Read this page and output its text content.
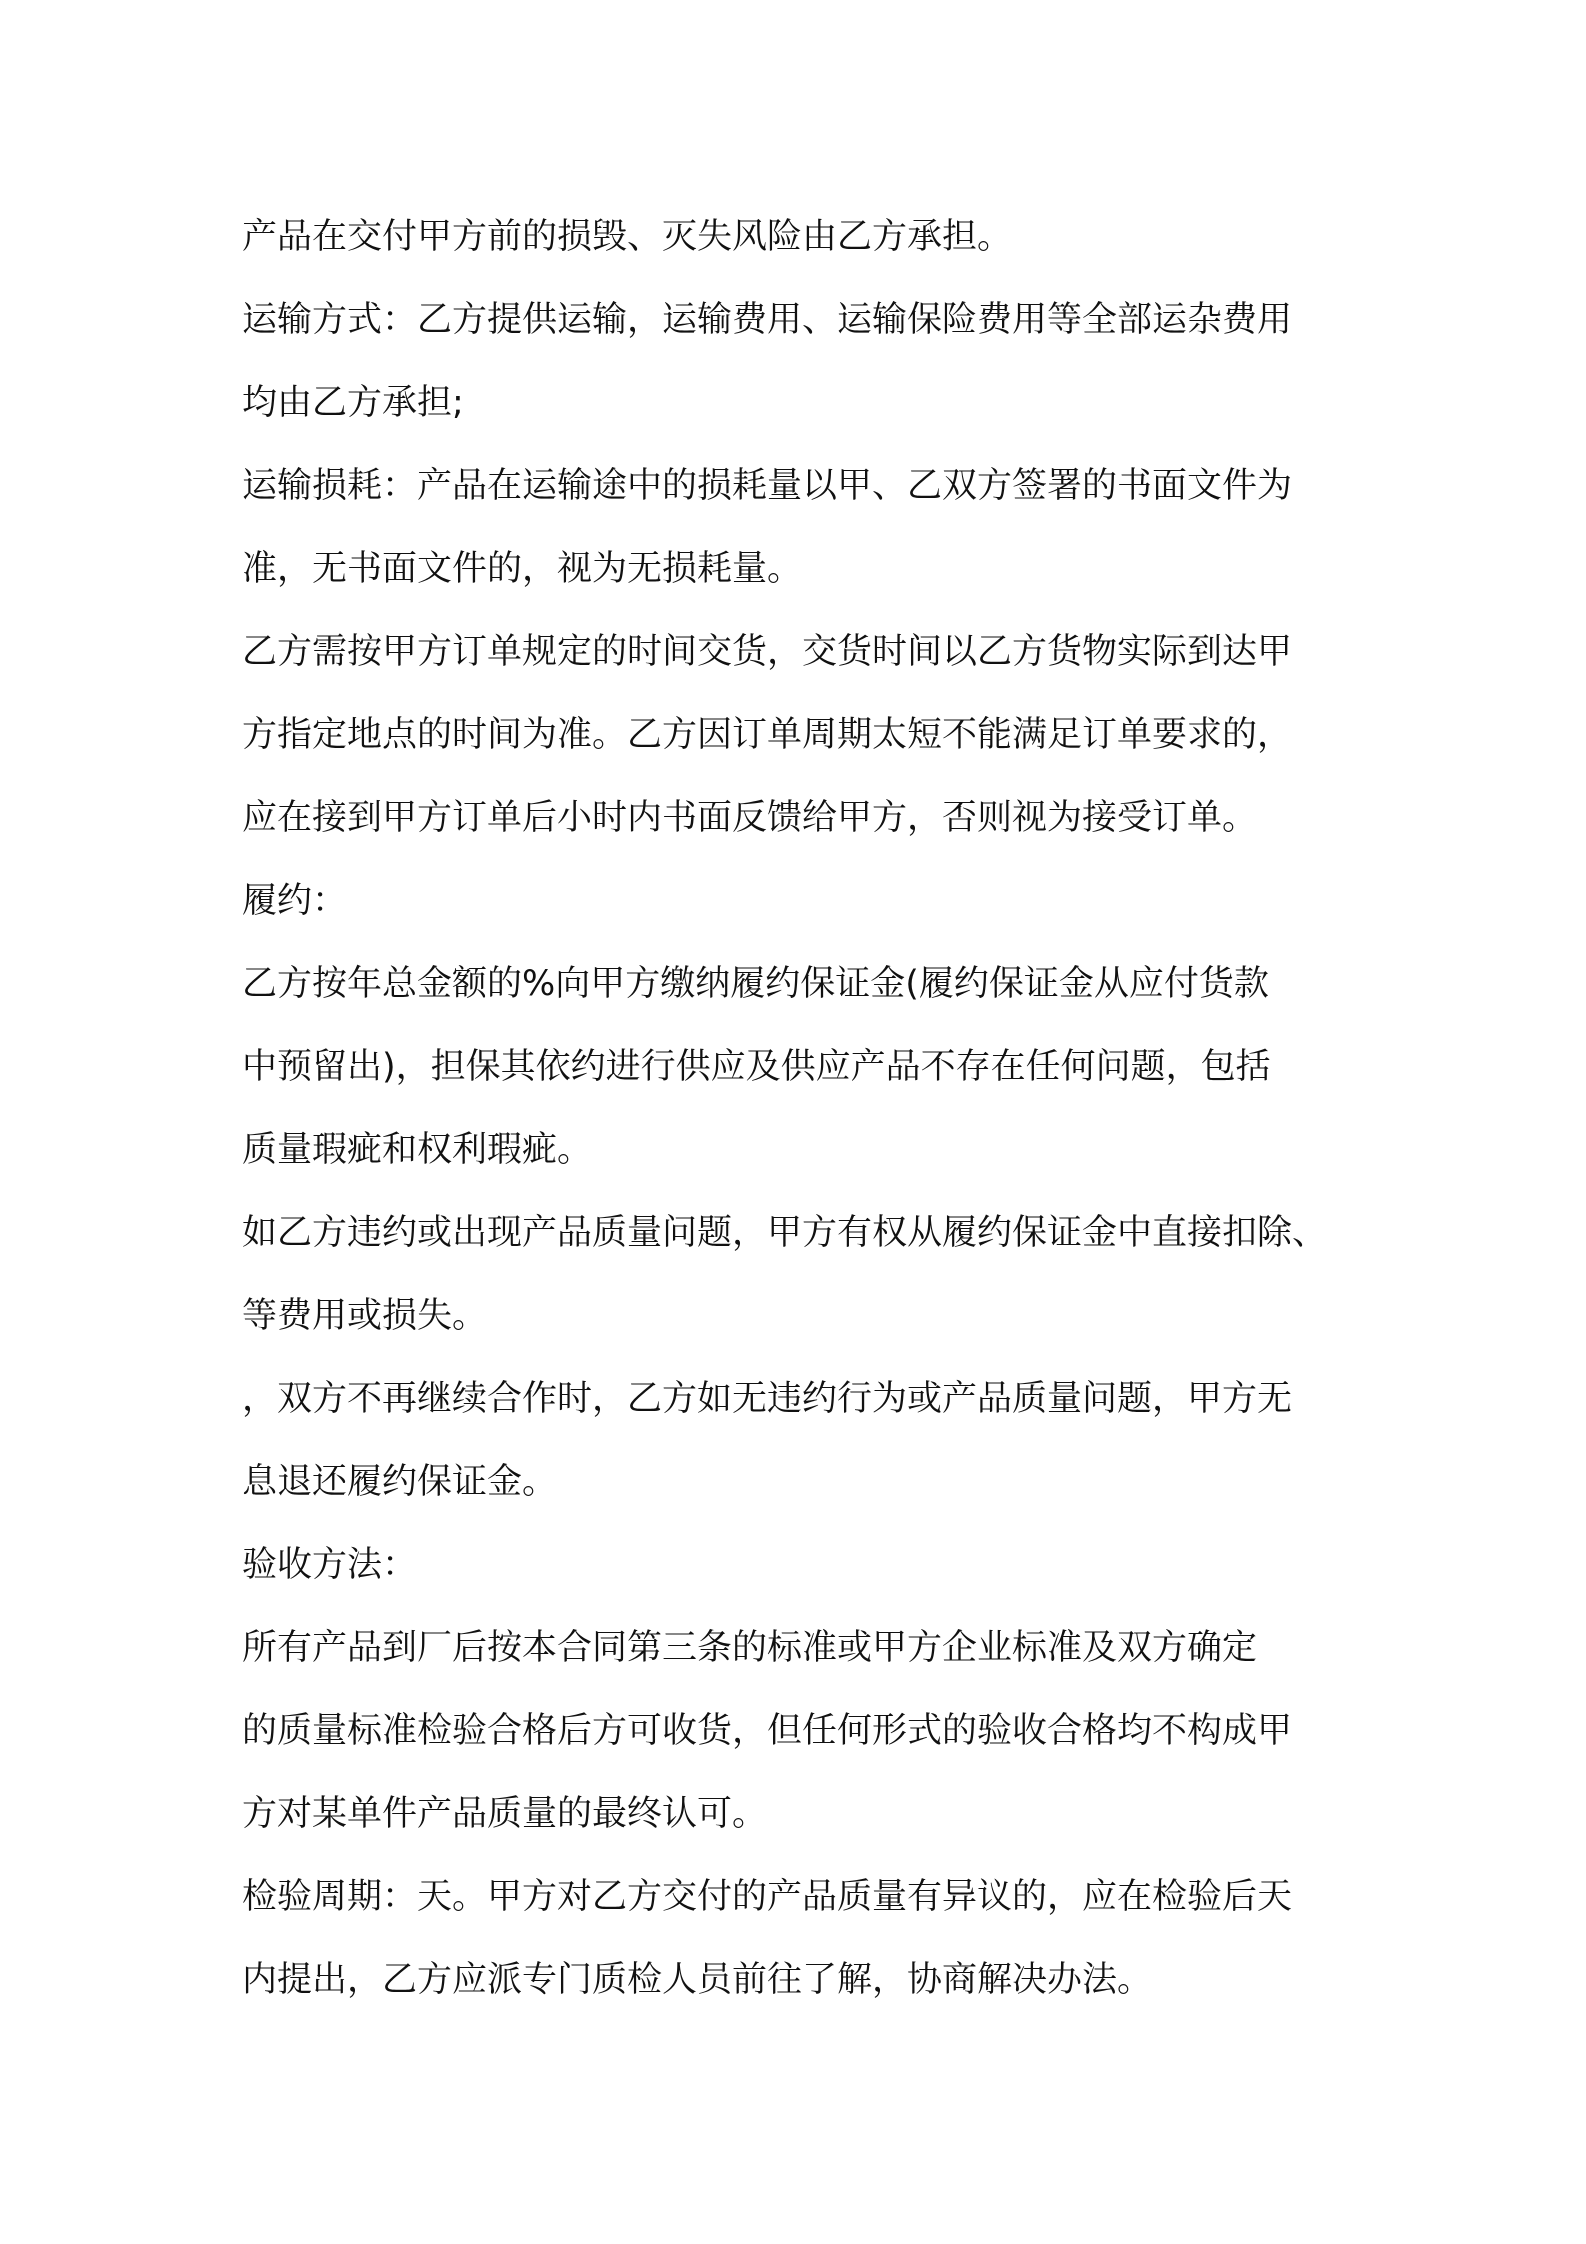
产品在交付甲方前的损毁、灭失风险由乙方承担。
运输方式：乙方提供运输，运输费用、运输保险费用等全部运杂费用
均由乙方承担;
运输损耗：产品在运输途中的损耗量以甲、乙双方签署的书面文件为
准，无书面文件的，视为无损耗量。
乙方需按甲方订单规定的时间交货，交货时间以乙方货物实际到达甲
方指定地点的时间为准。乙方因订单周期太短不能满足订单要求的，
应在接到甲方订单后小时内书面反馈给甲方，否则视为接受订单。
履约：
乙方按年总金额的%向甲方缴纳履约保证金(履约保证金从应付货款
中预留出)，担保其依约进行供应及供应产品不存在任何问题，包括
质量瑕疵和权利瑕疵。
如乙方违约或出现产品质量问题，甲方有权从履约保证金中直接扣除、
等费用或损失。
，双方不再继续合作时，乙方如无违约行为或产品质量问题，甲方无
息退还履约保证金。
验收方法：
所有产品到厂后按本合同第三条的标准或甲方企业标准及双方确定
的质量标准检验合格后方可收货，但任何形式的验收合格均不构成甲
方对某单件产品质量的最终认可。
检验周期：天。甲方对乙方交付的产品质量有异议的，应在检验后天
内提出，乙方应派专门质检人员前往了解，协商解决办法。
